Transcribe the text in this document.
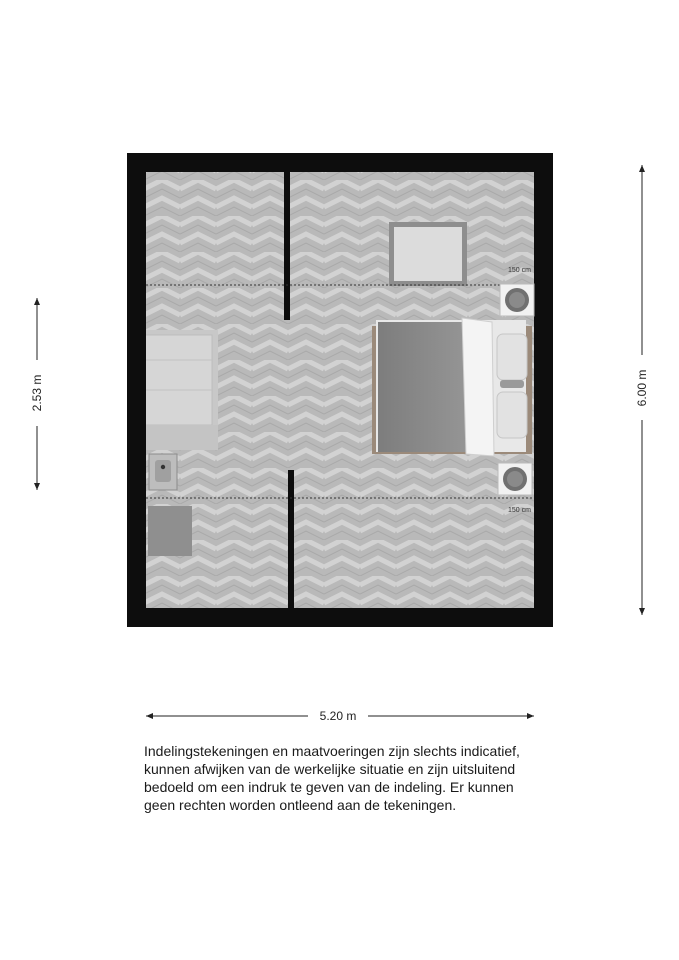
150 cm
150 cm
5.20 m
6.00 m
2.53 m

Indelingstekeningen en maatvoeringen zijn slechts indicatief,

kunnen afwijken van de werkelijke situatie en zijn uitsluitend

bedoeld om een indruk te geven van de indeling. Er kunnen

geen rechten worden ontleend aan de tekeningen.
